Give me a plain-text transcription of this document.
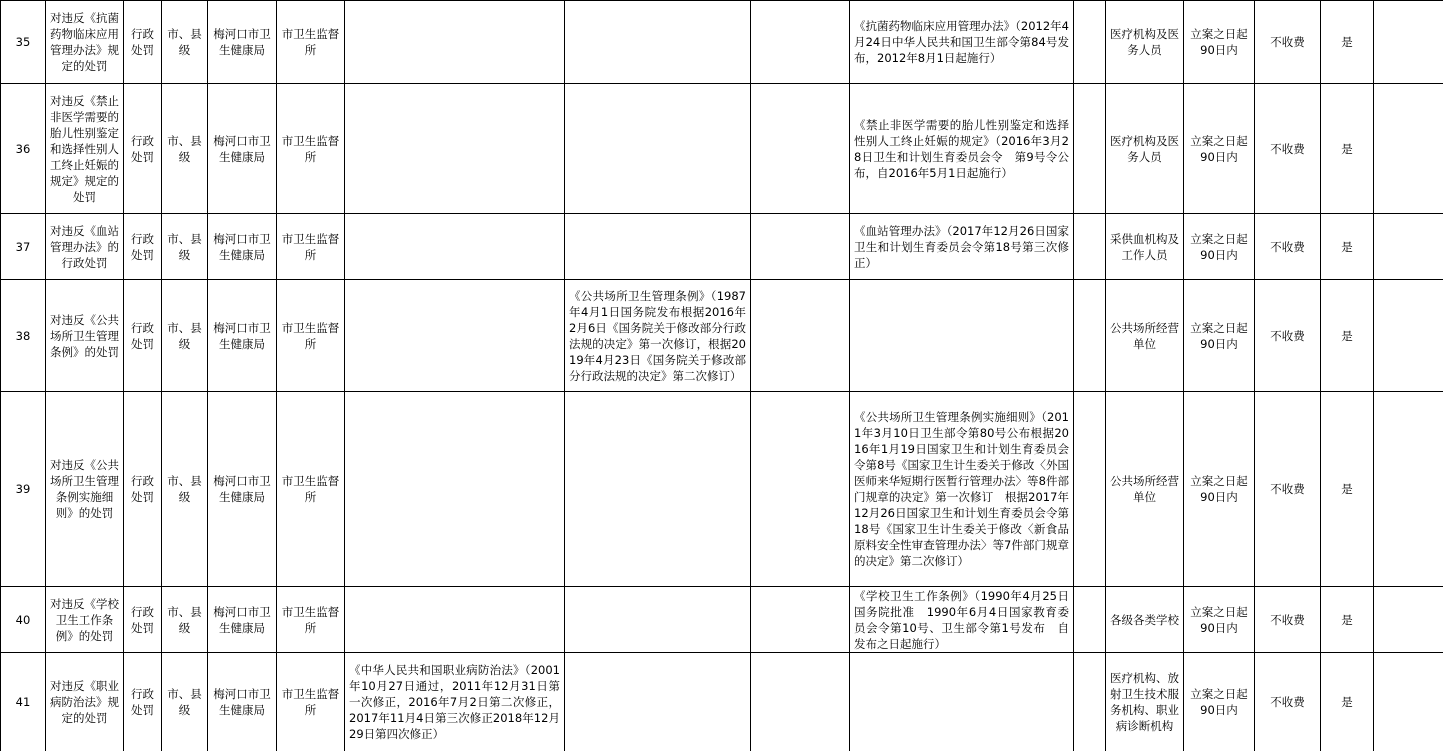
35	对违反《抗菌药物临床应用管理办法》规定的处罚	行政处罚	市、县级	梅河口市卫生健康局	市卫生监督所				《抗菌药物临床应用管理办法》（2012年4月24日中华人民共和国卫生部令第84号发布，2012年8月1日起施行）		医疗机构及医务人员	立案之日起90日内	不收费	是	
36	对违反《禁止非医学需要的胎儿性别鉴定和选择性别人工终止妊娠的规定》规定的处罚	行政处罚	市、县级	梅河口市卫生健康局	市卫生监督所				《禁止非医学需要的胎儿性别鉴定和选择性别人工终止妊娠的规定》（2016年3月28日卫生和计划生育委员会令　第9号令公布，自2016年5月1日起施行）		医疗机构及医务人员	立案之日起90日内	不收费	是	
37	对违反《血站管理办法》的行政处罚	行政处罚	市、县级	梅河口市卫生健康局	市卫生监督所				《血站管理办法》（2017年12月26日国家卫生和计划生育委员会令第18号第三次修正）		采供血机构及工作人员	立案之日起90日内	不收费	是	
38	对违反《公共场所卫生管理条例》的处罚	行政处罚	市、县级	梅河口市卫生健康局	市卫生监督所		《公共场所卫生管理条例》（1987年4月1日国务院发布根据2016年2月6日《国务院关于修改部分行政法规的决定》第一次修订，根据2019年4月23日《国务院关于修改部分行政法规的决定》第二次修订）				公共场所经营单位	立案之日起90日内	不收费	是	
39	对违反《公共场所卫生管理条例实施细则》的处罚	行政处罚	市、县级	梅河口市卫生健康局	市卫生监督所				《公共场所卫生管理条例实施细则》（2011年3月10日卫生部令第80号公布根据2016年1月19日国家卫生和计划生育委员会令第8号《国家卫生计生委关于修改〈外国医师来华短期行医暂行管理办法〉等8件部门规章的决定》第一次修订　根据2017年12月26日国家卫生和计划生育委员会令第18号《国家卫生计生委关于修改〈新食品原料安全性审查管理办法〉等7件部门规章的决定》第二次修订）		公共场所经营单位	立案之日起90日内	不收费	是	
40	对违反《学校卫生工作条例》的处罚	行政处罚	市、县级	梅河口市卫生健康局	市卫生监督所				《学校卫生工作条例》（1990年4月25日国务院批准　1990年6月4日国家教育委员会令第10号、卫生部令第1号发布　自发布之日起施行）		各级各类学校	立案之日起90日内	不收费	是	
41	对违反《职业病防治法》规定的处罚	行政处罚	市、县级	梅河口市卫生健康局	市卫生监督所	《中华人民共和国职业病防治法》（2001年10月27日通过，2011年12月31日第一次修正，2016年7月2日第二次修正，2017年11月4日第三次修正2018年12月29日第四次修正）					医疗机构、放射卫生技术服务机构、职业病诊断机构	立案之日起90日内	不收费	是	
